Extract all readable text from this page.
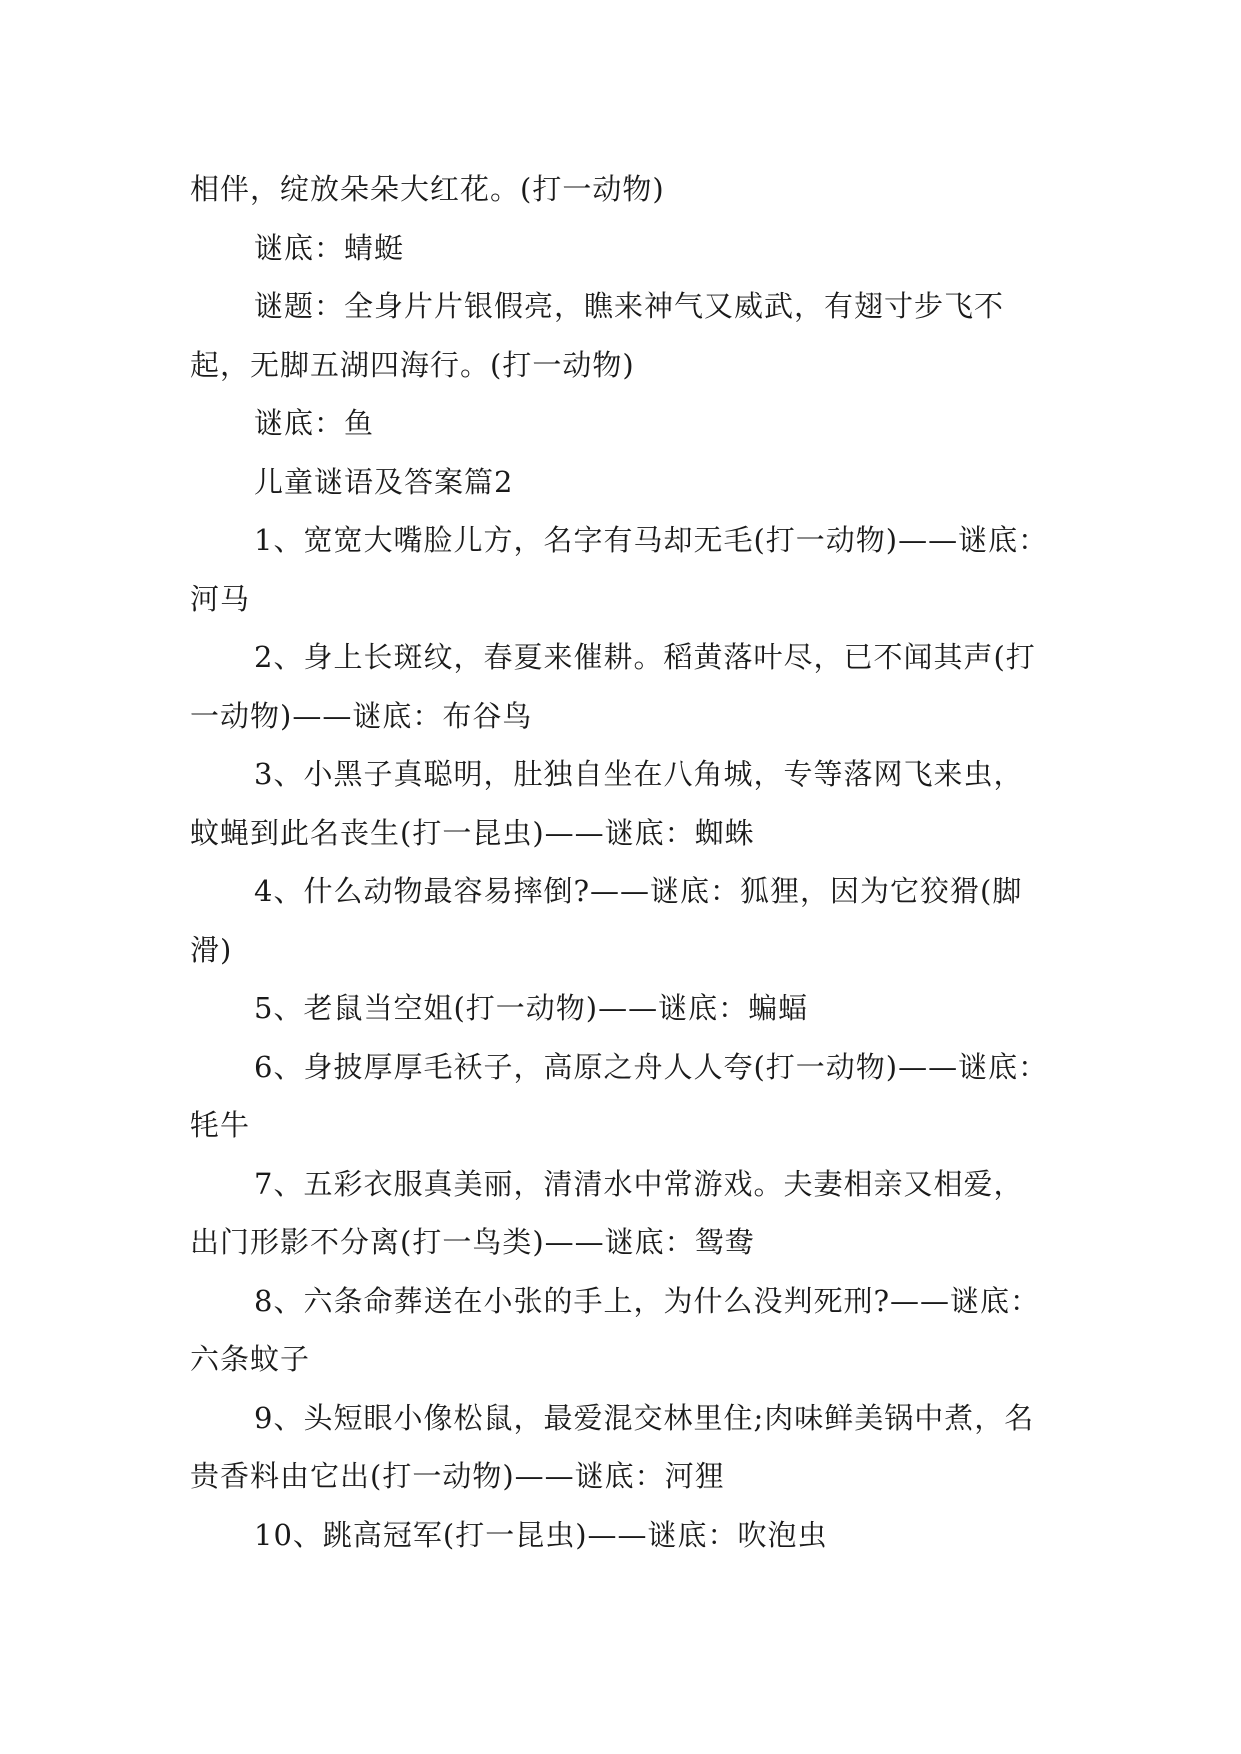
相伴，绽放朵朵大红花。(打一动物)

谜底：蜻蜓

谜题：全身片片银假亮，瞧来神气又威武，有翅寸步飞不起，无脚五湖四海行。(打一动物)

谜底：鱼

儿童谜语及答案篇2

1、宽宽大嘴脸儿方，名字有马却无毛(打一动物)——谜底：河马

2、身上长斑纹，春夏来催耕。稻黄落叶尽，已不闻其声(打一动物)——谜底：布谷鸟

3、小黑子真聪明，肚独自坐在八角城，专等落网飞来虫，蚊蝇到此名丧生(打一昆虫)——谜底：蜘蛛

4、什么动物最容易摔倒?——谜底：狐狸，因为它狡猾(脚滑)

5、老鼠当空姐(打一动物)——谜底：蝙蝠

6、身披厚厚毛袄子，高原之舟人人夸(打一动物)——谜底：牦牛

7、五彩衣服真美丽，清清水中常游戏。夫妻相亲又相爱，出门形影不分离(打一鸟类)——谜底：鸳鸯

8、六条命葬送在小张的手上，为什么没判死刑?——谜底：六条蚊子

9、头短眼小像松鼠，最爱混交林里住;肉味鲜美锅中煮，名贵香料由它出(打一动物)——谜底：河狸

10、跳高冠军(打一昆虫)——谜底：吹泡虫
